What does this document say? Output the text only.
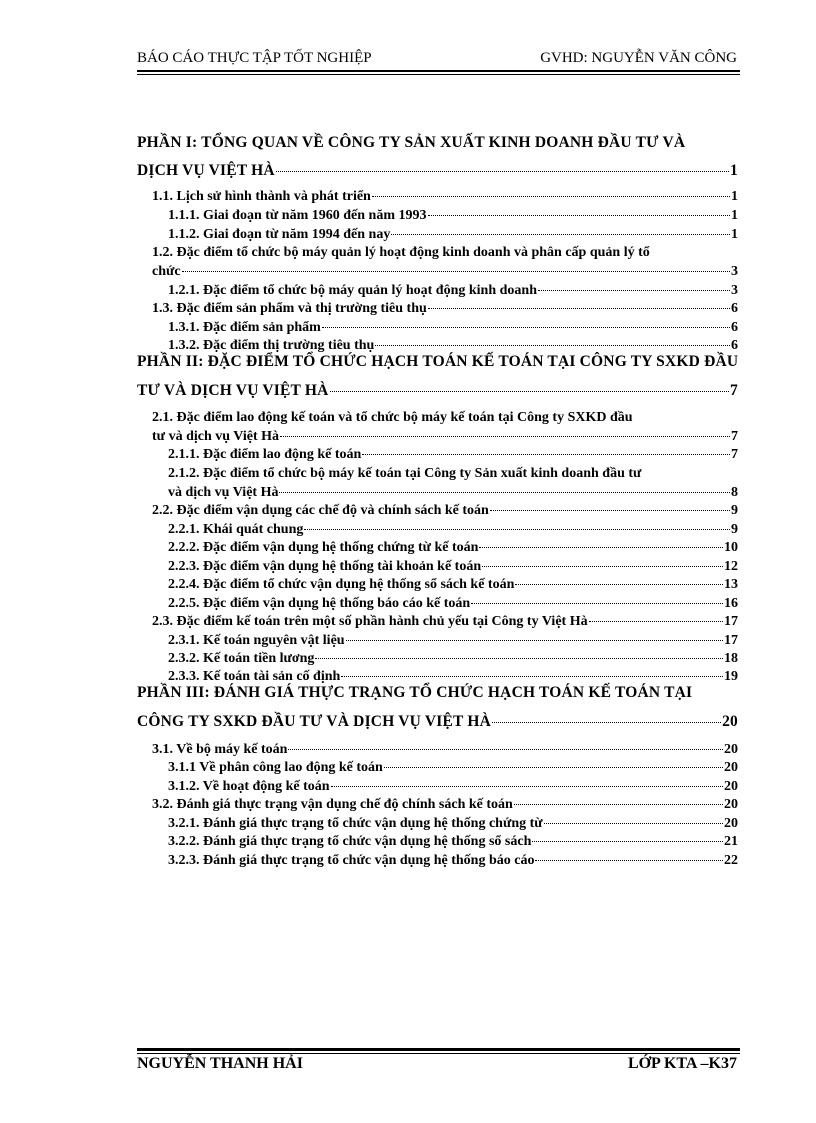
BÁO CÁO THỰC TẬP TỐT NGHIỆP	GVHD: NGUYỄN VĂN CÔNG
PHẦN I: TỔNG QUAN VỀ CÔNG TY SẢN XUẤT KINH DOANH ĐẦU TƯ VÀ
DỊCH VỤ VIỆT HÀ	1
1.1. Lịch sử hình thành và phát triển	1
1.1.1. Giai đoạn từ năm 1960 đến năm 1993	1
1.1.2. Giai đoạn từ năm 1994 đến nay	1
1.2. Đặc điểm tổ chức bộ máy quản lý hoạt động kinh doanh và phân cấp quản lý tổ
chức	3
1.2.1. Đặc điểm tổ chức bộ máy quản lý hoạt động kinh doanh	3
1.3. Đặc điểm sản phẩm và thị trường tiêu thụ	6
1.3.1. Đặc điểm sản phẩm	6
1.3.2. Đặc điểm thị trường tiêu thụ	6
PHẦN II: ĐẶC ĐIỂM TỔ CHỨC HẠCH TOÁN KẾ TOÁN TẠI CÔNG TY SXKD ĐẦU
TƯ VÀ DỊCH VỤ VIỆT HÀ	7
2.1. Đặc điểm lao động kế toán và tổ chức bộ máy kế toán tại Công ty SXKD đầu
tư và dịch vụ Việt Hà	7
2.1.1. Đặc điểm lao động kế toán	7
2.1.2. Đặc điểm tổ chức bộ máy kế toán tại Công ty Sản xuất kinh doanh đầu tư
và dịch vụ Việt Hà	8
2.2. Đặc điểm vận dụng các chế độ và chính sách kế toán	9
2.2.1. Khái quát chung	9
2.2.2. Đặc điểm vận dụng hệ thống chứng từ kế toán	10
2.2.3. Đặc điểm vận dụng hệ thống tài khoản kế toán	12
2.2.4. Đặc điểm tổ chức vận dụng hệ thống sổ sách kế toán	13
2.2.5. Đặc điểm vận dụng hệ thống báo cáo kế toán	16
2.3. Đặc điểm kế toán trên một số phần hành chủ yếu tại Công ty Việt Hà	17
2.3.1. Kế toán nguyên vật liệu	17
2.3.2. Kế toán tiền lương	18
2.3.3. Kế toán tài sản cố định	19
PHẦN III: ĐÁNH GIÁ THỰC TRẠNG TỔ CHỨC HẠCH TOÁN KẾ TOÁN TẠI
CÔNG TY SXKD ĐẦU TƯ VÀ DỊCH VỤ VIỆT HÀ	20
3.1. Về bộ máy kế toán	20
3.1.1 Về phân công lao động kế toán	20
3.1.2. Về hoạt động kế toán	20
3.2. Đánh giá thực trạng vận dụng chế độ chính sách kế toán	20
3.2.1. Đánh giá thực trạng tổ chức vận dụng hệ thống chứng từ	20
3.2.2. Đánh giá thực trạng tổ chức vận dụng hệ thống sổ sách	21
3.2.3. Đánh giá thực trạng tổ chức vận dụng hệ thống báo cáo	22
NGUYỄN THANH HẢI	LỚP KTA –K37
